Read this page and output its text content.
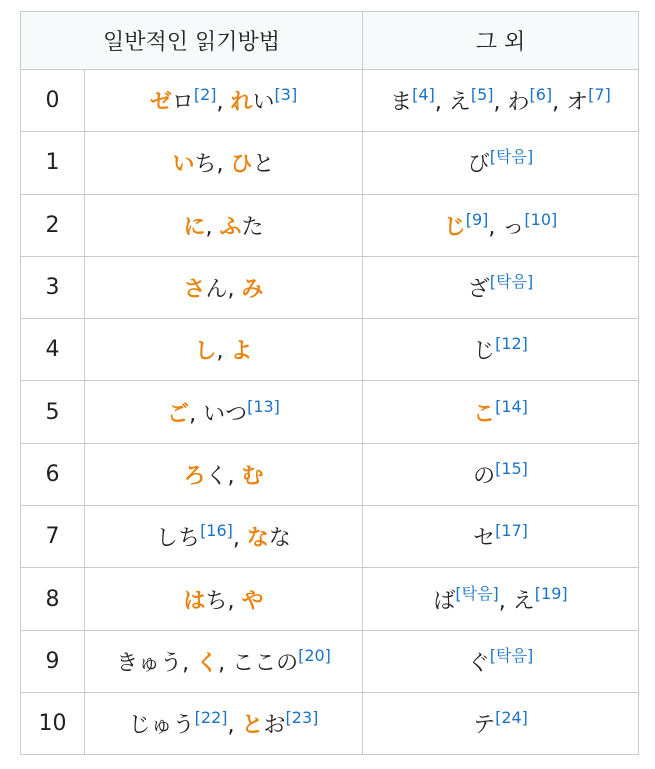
일반적인 읽기방법		그 외
0	ゼロ[2], れい[3]	ま[4], え[5], わ[6], オ[7]
1	いち, ひと	び[탁음]
2	に, ふた	じ[9], っ[10]
3	さん, み	ざ[탁음]
4	し, よ	じ[12]
5	ご, いつ[13]	こ[14]
6	ろく, む	の[15]
7	しち[16], なな	セ[17]
8	はち, や	ば[탁음], え[19]
9	きゅう, く, ここの[20]	ぐ[탁음]
10	じゅう[22], とお[23]	テ[24]
